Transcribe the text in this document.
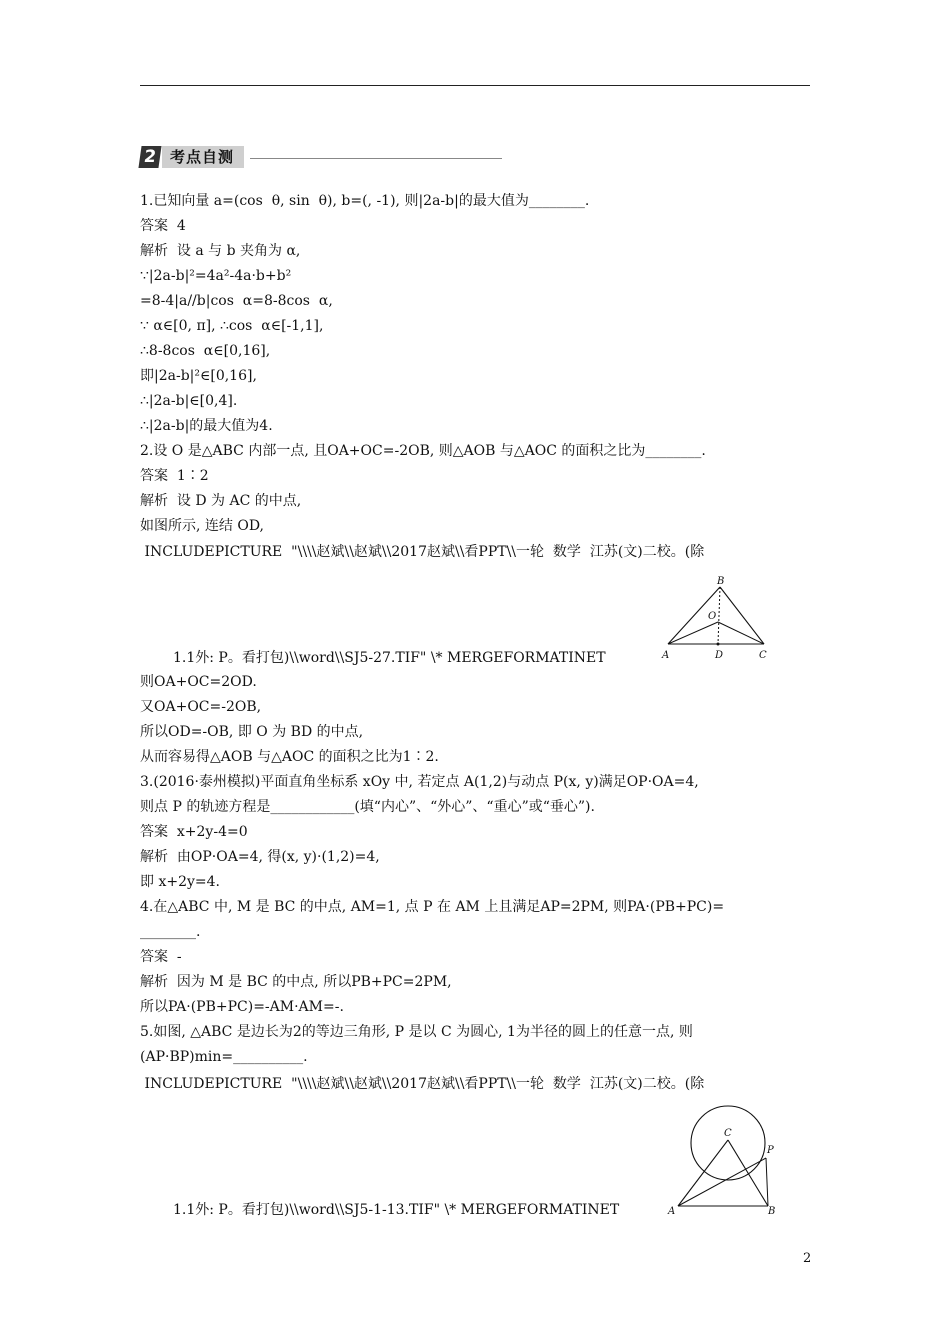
2 考点自测
1.已知向量 a=(cos  θ, sin  θ), b=(, -1), 则|2a-b|的最大值为________.
答案  4
解析  设 a 与 b 夹角为 α,
∵|2a-b|²=4a²-4a·b+b²
=8-4|a//b|cos  α=8-8cos  α,
∵ α∈[0, π], ∴cos  α∈[-1,1],
∴8-8cos  α∈[0,16],
即|2a-b|²∈[0,16],
∴|2a-b|∈[0,4].
∴|2a-b|的最大值为4.
2.设 O 是△ABC 内部一点, 且OA+OC=-2OB, 则△AOB 与△AOC 的面积之比为________.
答案  1∶2
解析  设 D 为 AC 的中点,
如图所示, 连结 OD,
INCLUDEPICTURE  "\\\\赵斌\\赵斌\\2017赵斌\\看PPT\\一轮  数学  江苏(文)二校。(除
B
O
A	D	C
1.1外: P。看打包)\\word\\SJ5-27.TIF" \* MERGEFORMATINET
则OA+OC=2OD.
又OA+OC=-2OB,
所以OD=-OB, 即 O 为 BD 的中点,
从而容易得△AOB 与△AOC 的面积之比为1∶2.
3.(2016·泰州模拟)平面直角坐标系 xOy 中, 若定点 A(1,2)与动点 P(x, y)满足OP·OA=4,
则点 P 的轨迹方程是____________(填“内心”、“外心”、“重心”或“垂心”).
答案  x+2y-4=0
解析  由OP·OA=4, 得(x, y)·(1,2)=4,
即 x+2y=4.
4.在△ABC 中, M 是 BC 的中点, AM=1, 点 P 在 AM 上且满足AP=2PM, 则PA·(PB+PC)=
________.
答案  -
解析  因为 M 是 BC 的中点, 所以PB+PC=2PM,
所以PA·(PB+PC)=-AM·AM=-.
5.如图, △ABC 是边长为2的等边三角形, P 是以 C 为圆心, 1为半径的圆上的任意一点, 则
(AP·BP)min=__________.
INCLUDEPICTURE  "\\\\赵斌\\赵斌\\2017赵斌\\看PPT\\一轮  数学  江苏(文)二校。(除
C
P
A	B
1.1外: P。看打包)\\word\\SJ5-1-13.TIF" \* MERGEFORMATINET
2
